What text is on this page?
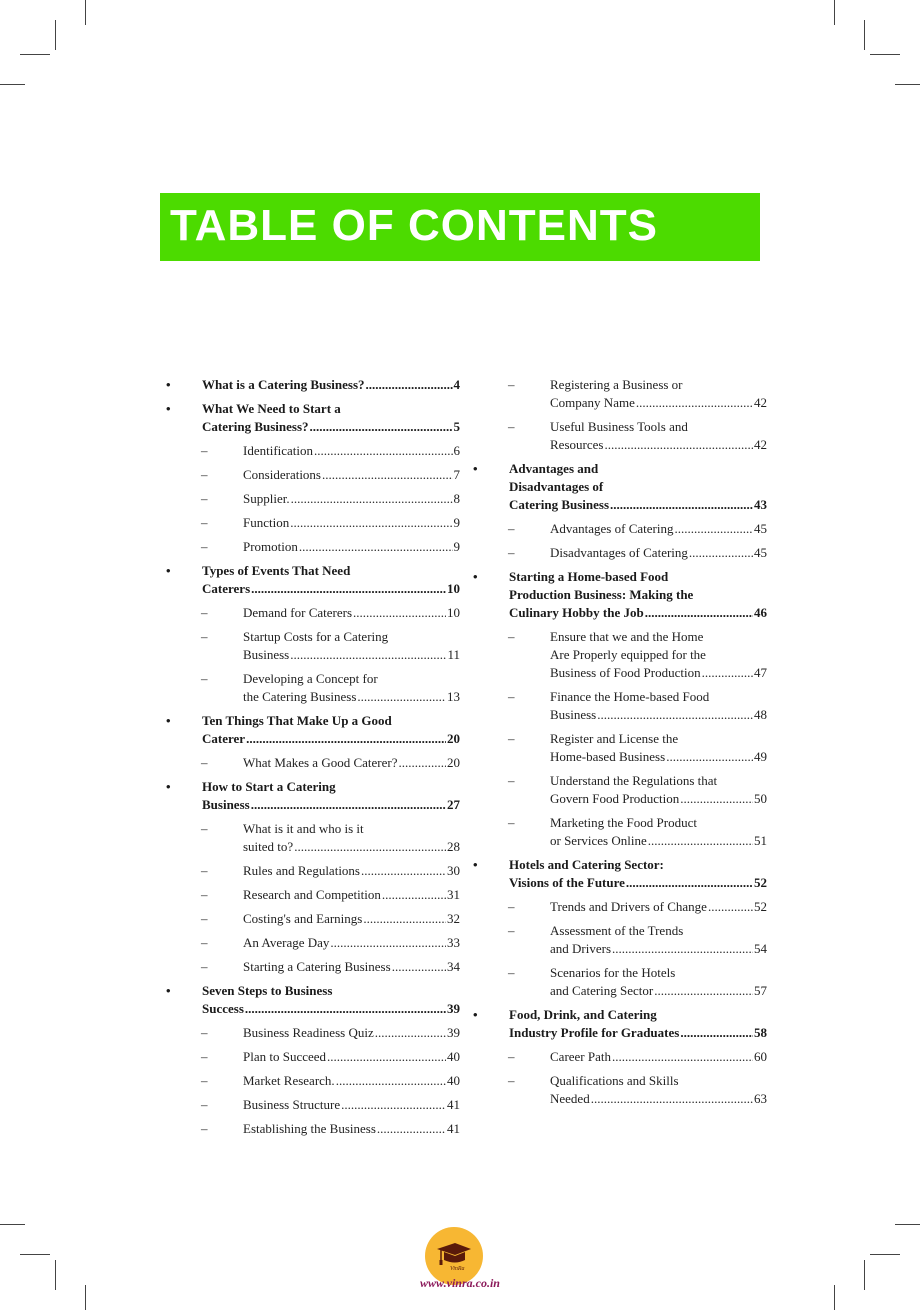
TABLE OF CONTENTS
• What is a Catering Business? .....	4
• What We Need to Start a
Catering Business? .....	5
–	Identification .....	6
–	Considerations .....	7
–	Supplier. .....	8
–	Function .....	9
–	Promotion .....	9
• Types of Events That Need
Caterers .....	10
–	Demand for Caterers .....	10
–	Startup Costs for a Catering
Business .....	11
–	Developing a Concept for
the Catering Business .....	13
• Ten Things That Make Up a Good
Caterer .....	20
–	What Makes a Good Caterer? .....	20
• How to Start a Catering
Business .....	27
–	What is it and who is it
suited to? .....	28
–	Rules and Regulations .....	30
–	Research and Competition .....	31
–	Costing's and Earnings .....	32
–	An Average Day .....	33
–	Starting a Catering Business .....	34
• Seven Steps to Business
Success .....	39
–	Business Readiness Quiz .....	39
–	Plan to Succeed .....	40
–	Market Research. .....	40
–	Business Structure .....	41
–	Establishing the Business .....	41
–	Registering a Business or
Company Name .....	42
–	Useful Business Tools and
Resources .....	42
• Advantages and
Disadvantages of
Catering Business .....	43
–	Advantages of Catering .....	45
–	Disadvantages of Catering .....	45
• Starting a Home-based Food
Production Business: Making the
Culinary Hobby the Job .....	46
–	Ensure that we and the Home
Are Properly equipped for the
Business of Food Production .....	47
–	Finance the Home-based Food
Business .....	48
–	Register and License the
Home-based Business .....	49
–	Understand the Regulations that
Govern Food Production .....	50
–	Marketing the Food Product
or Services Online .....	51
• Hotels and Catering Sector:
Visions of the Future .....	52
–	Trends and Drivers of Change .....	52
–	Assessment of the Trends
and Drivers .....	54
–	Scenarios for the Hotels
and Catering Sector .....	57
• Food, Drink, and Catering
Industry Profile for Graduates .....	58
–	Career Path .....	60
–	Qualifications and Skills
Needed .....	63
VinRa
www.vinra.co.in
